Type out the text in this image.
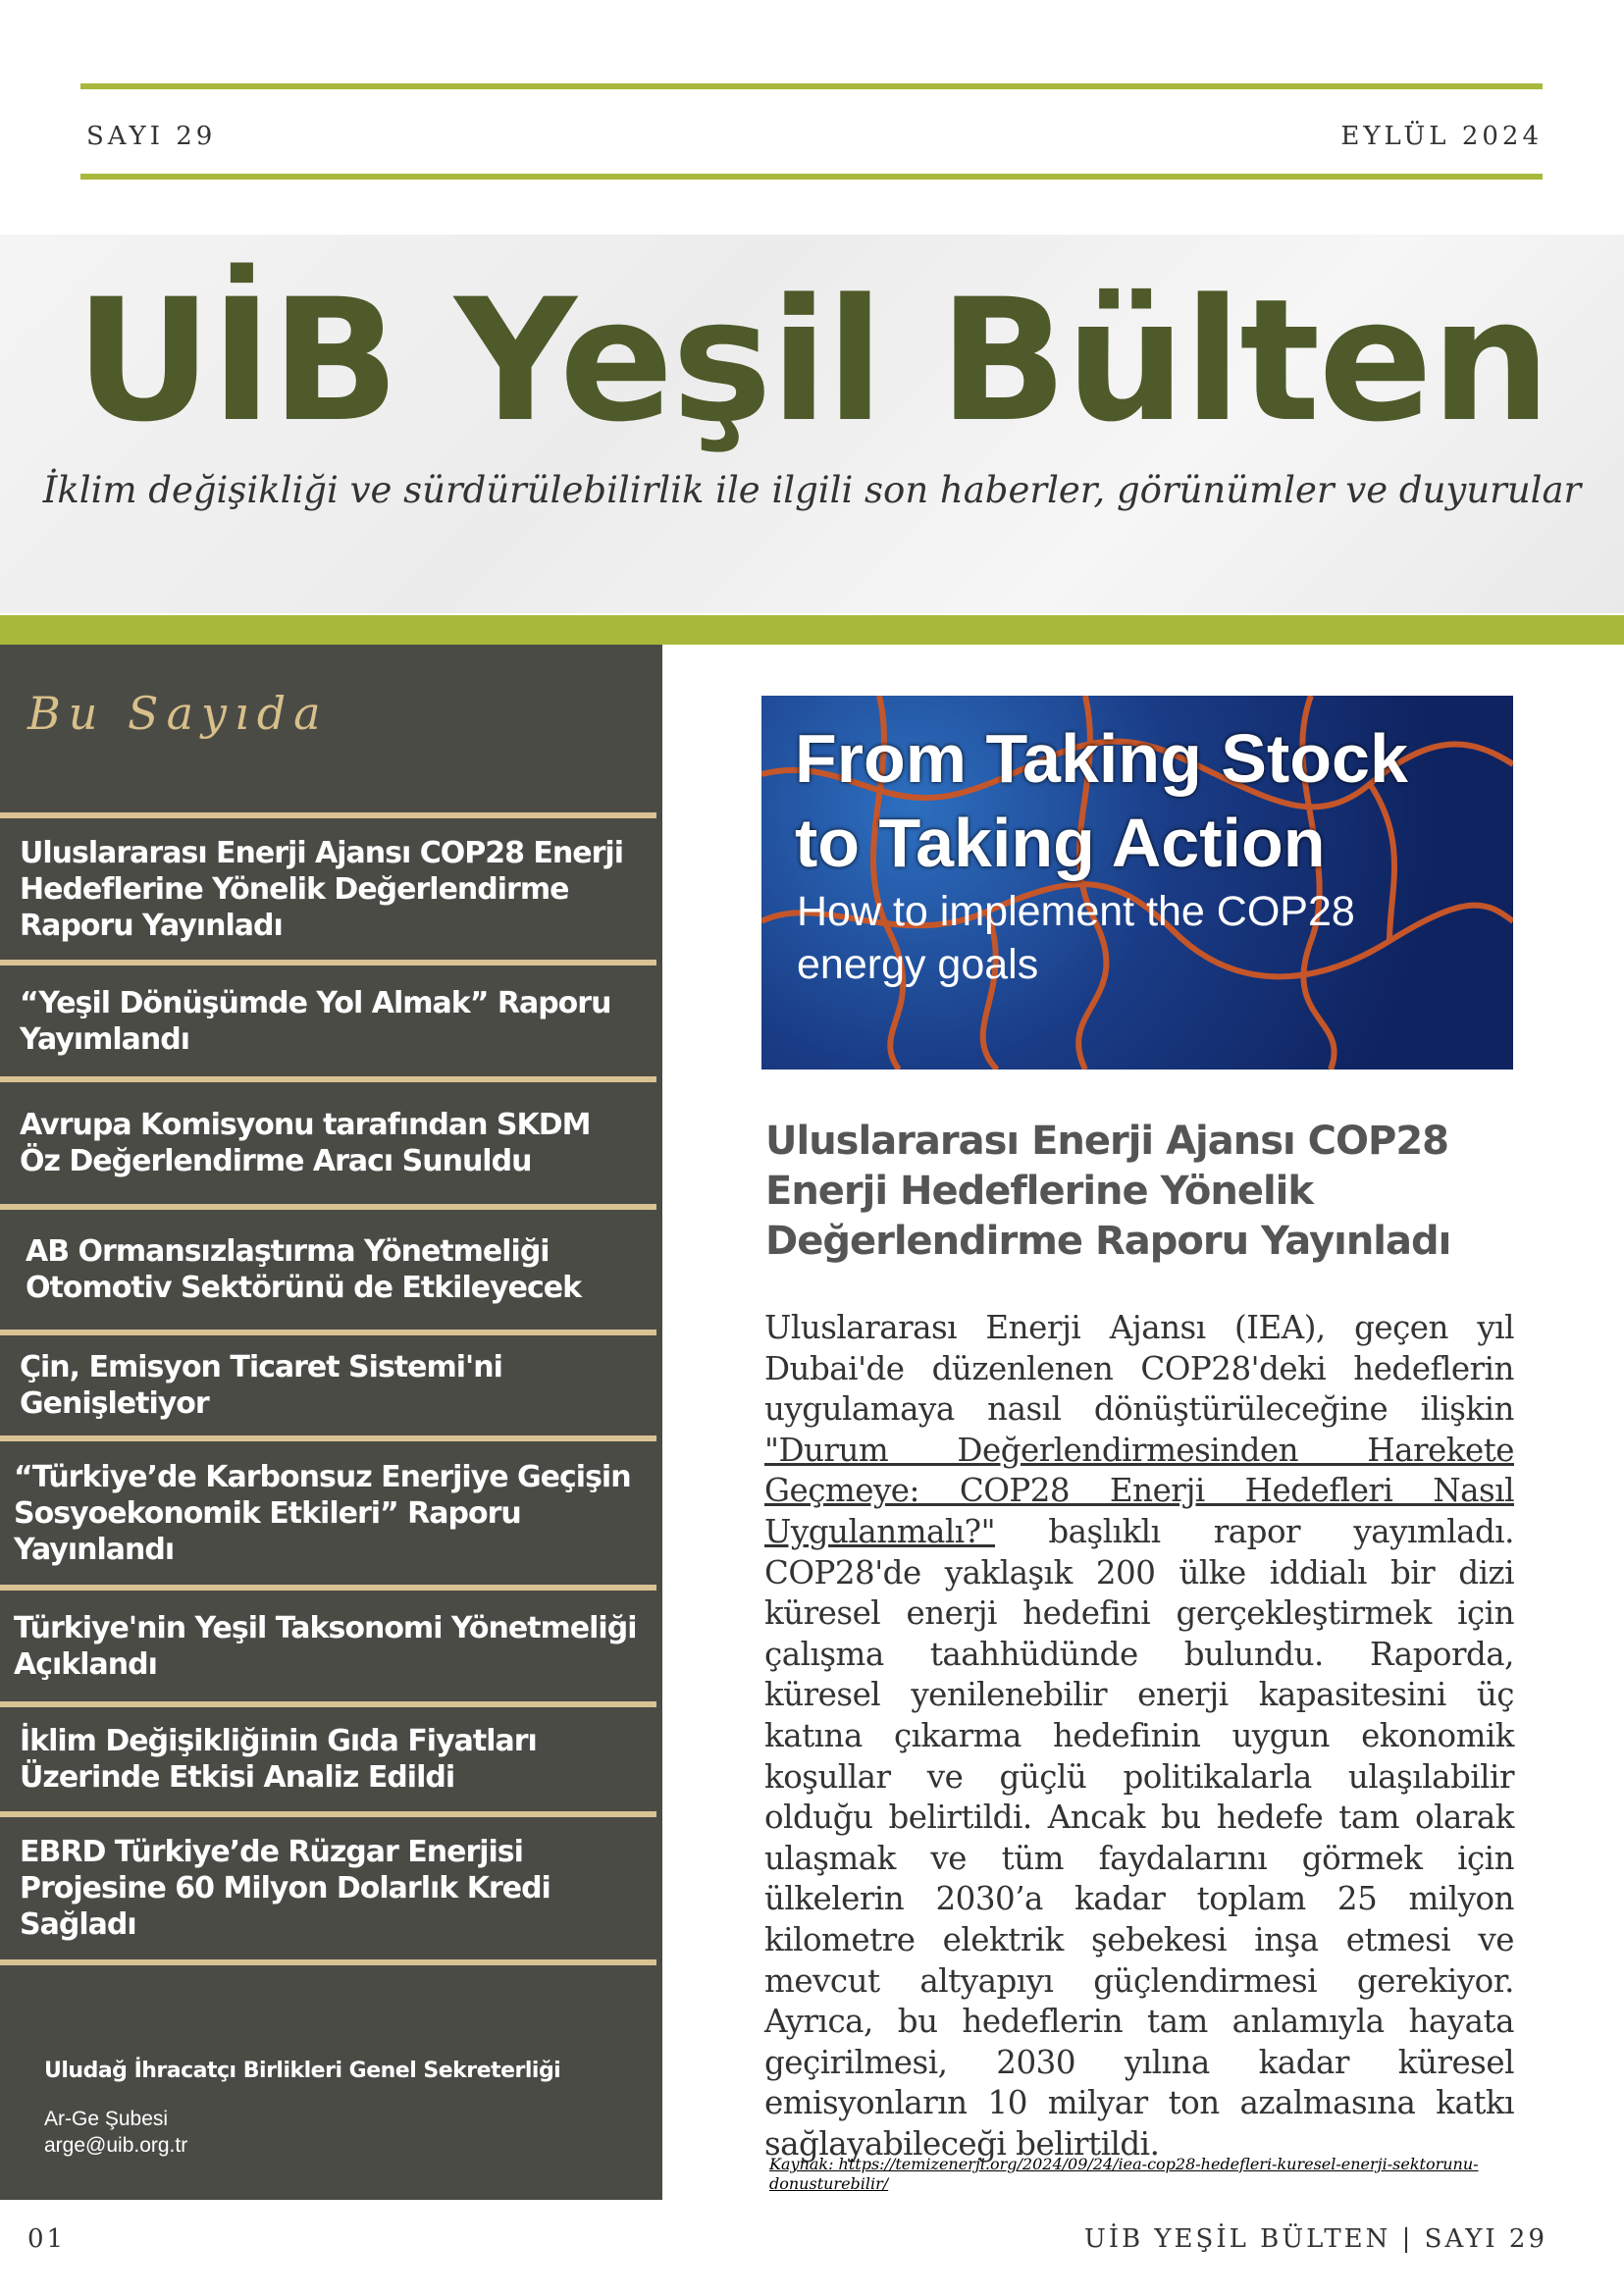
SAYI 29	EYLÜL 2024
UİB Yeşil Bülten
İklim değişikliği ve sürdürülebilirlik ile ilgili son haberler, görünümler ve duyurular
Bu Sayıda
Uluslararası Enerji Ajansı COP28 Enerji Hedeflerine Yönelik Değerlendirme Raporu Yayınladı
“Yeşil Dönüşümde Yol Almak” Raporu Yayımlandı
Avrupa Komisyonu tarafından SKDM Öz Değerlendirme Aracı Sunuldu
AB Ormansızlaştırma Yönetmeliği Otomotiv Sektörünü de Etkileyecek
Çin, Emisyon Ticaret Sistemi'ni Genişletiyor
“Türkiye’de Karbonsuz Enerjiye Geçişin Sosyoekonomik Etkileri” Raporu Yayınlandı
Türkiye'nin Yeşil Taksonomi Yönetmeliği Açıklandı
İklim Değişikliğinin Gıda Fiyatları Üzerinde Etkisi Analiz Edildi
EBRD Türkiye’de Rüzgar Enerjisi Projesine 60 Milyon Dolarlık Kredi Sağladı
Uludağ İhracatçı Birlikleri Genel Sekreterliği
Ar-Ge Şubesi
arge@uib.org.tr
From Taking Stock
to Taking Action
How to implement the COP28
energy goals
Uluslararası Enerji Ajansı COP28 Enerji Hedeflerine Yönelik Değerlendirme Raporu Yayınladı
Uluslararası Enerji Ajansı (IEA), geçen yıl Dubai'de düzenlenen COP28'deki hedeflerin uygulamaya nasıl dönüştürüleceğine ilişkin "Durum Değerlendirmesinden Harekete Geçmeye: COP28 Enerji Hedefleri Nasıl Uygulanmalı?" başlıklı rapor yayımladı. COP28'de yaklaşık 200 ülke iddialı bir dizi küresel enerji hedefini gerçekleştirmek için çalışma taahhüdünde bulundu. Raporda, küresel yenilenebilir enerji kapasitesini üç katına çıkarma hedefinin uygun ekonomik koşullar ve güçlü politikalarla ulaşılabilir olduğu belirtildi. Ancak bu hedefe tam olarak ulaşmak ve tüm faydalarını görmek için ülkelerin 2030’a kadar toplam 25 milyon kilometre elektrik şebekesi inşa etmesi ve mevcut altyapıyı güçlendirmesi gerekiyor. Ayrıca, bu hedeflerin tam anlamıyla hayata geçirilmesi, 2030 yılına kadar küresel emisyonların 10 milyar ton azalmasına katkı sağlayabileceği belirtildi.
Kaynak: https://temizenerji.org/2024/09/24/iea-cop28-hedefleri-kuresel-enerji-sektorunu-donusturebilir/
01	UİB YEŞİL BÜLTEN | SAYI 29
